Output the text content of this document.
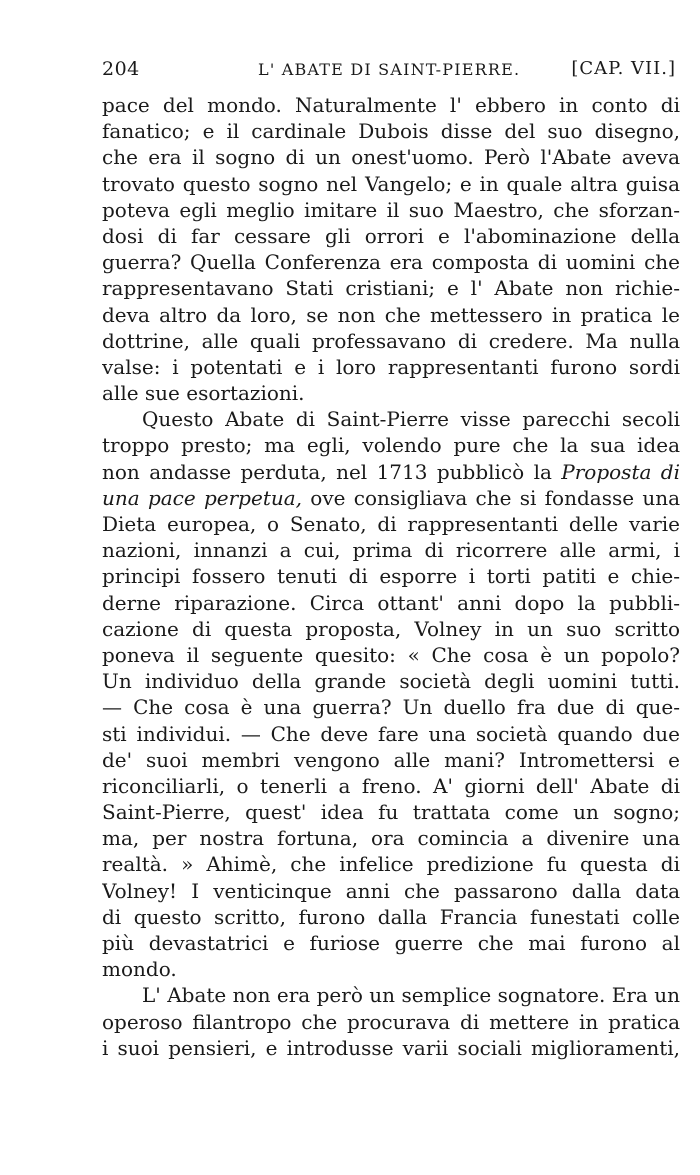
204	L' ABATE DI SAINT-PIERRE.	[CAP. VII.]
pace del mondo. Naturalmente l' ebbero in conto di
fanatico; e il cardinale Dubois disse del suo disegno,
che era il sogno di un onest'uomo. Però l'Abate aveva
trovato questo sogno nel Vangelo; e in quale altra guisa
poteva egli meglio imitare il suo Maestro, che sforzan-
dosi di far cessare gli orrori e l'abominazione della
guerra? Quella Conferenza era composta di uomini che
rappresentavano Stati cristiani; e l' Abate non richie-
deva altro da loro, se non che mettessero in pratica le
dottrine, alle quali professavano di credere. Ma nulla
valse: i potentati e i loro rappresentanti furono sordi
alle sue esortazioni.
Questo Abate di Saint-Pierre visse parecchi secoli
troppo presto; ma egli, volendo pure che la sua idea
non andasse perduta, nel 1713 pubblicò la Proposta di
una pace perpetua, ove consigliava che si fondasse una
Dieta europea, o Senato, di rappresentanti delle varie
nazioni, innanzi a cui, prima di ricorrere alle armi, i
principi fossero tenuti di esporre i torti patiti e chie-
derne riparazione. Circa ottant' anni dopo la pubbli-
cazione di questa proposta, Volney in un suo scritto
poneva il seguente quesito: « Che cosa è un popolo?
Un individuo della grande società degli uomini tutti.
— Che cosa è una guerra? Un duello fra due di que-
sti individui. — Che deve fare una società quando due
de' suoi membri vengono alle mani? Intromettersi e
riconciliarli, o tenerli a freno. A' giorni dell' Abate di
Saint-Pierre, quest' idea fu trattata come un sogno;
ma, per nostra fortuna, ora comincia a divenire una
realtà. » Ahimè, che infelice predizione fu questa di
Volney! I venticinque anni che passarono dalla data
di questo scritto, furono dalla Francia funestati colle
più devastatrici e furiose guerre che mai furono al
mondo.
L' Abate non era però un semplice sognatore. Era un
operoso filantropo che procurava di mettere in pratica
i suoi pensieri, e introdusse varii sociali miglioramenti,
